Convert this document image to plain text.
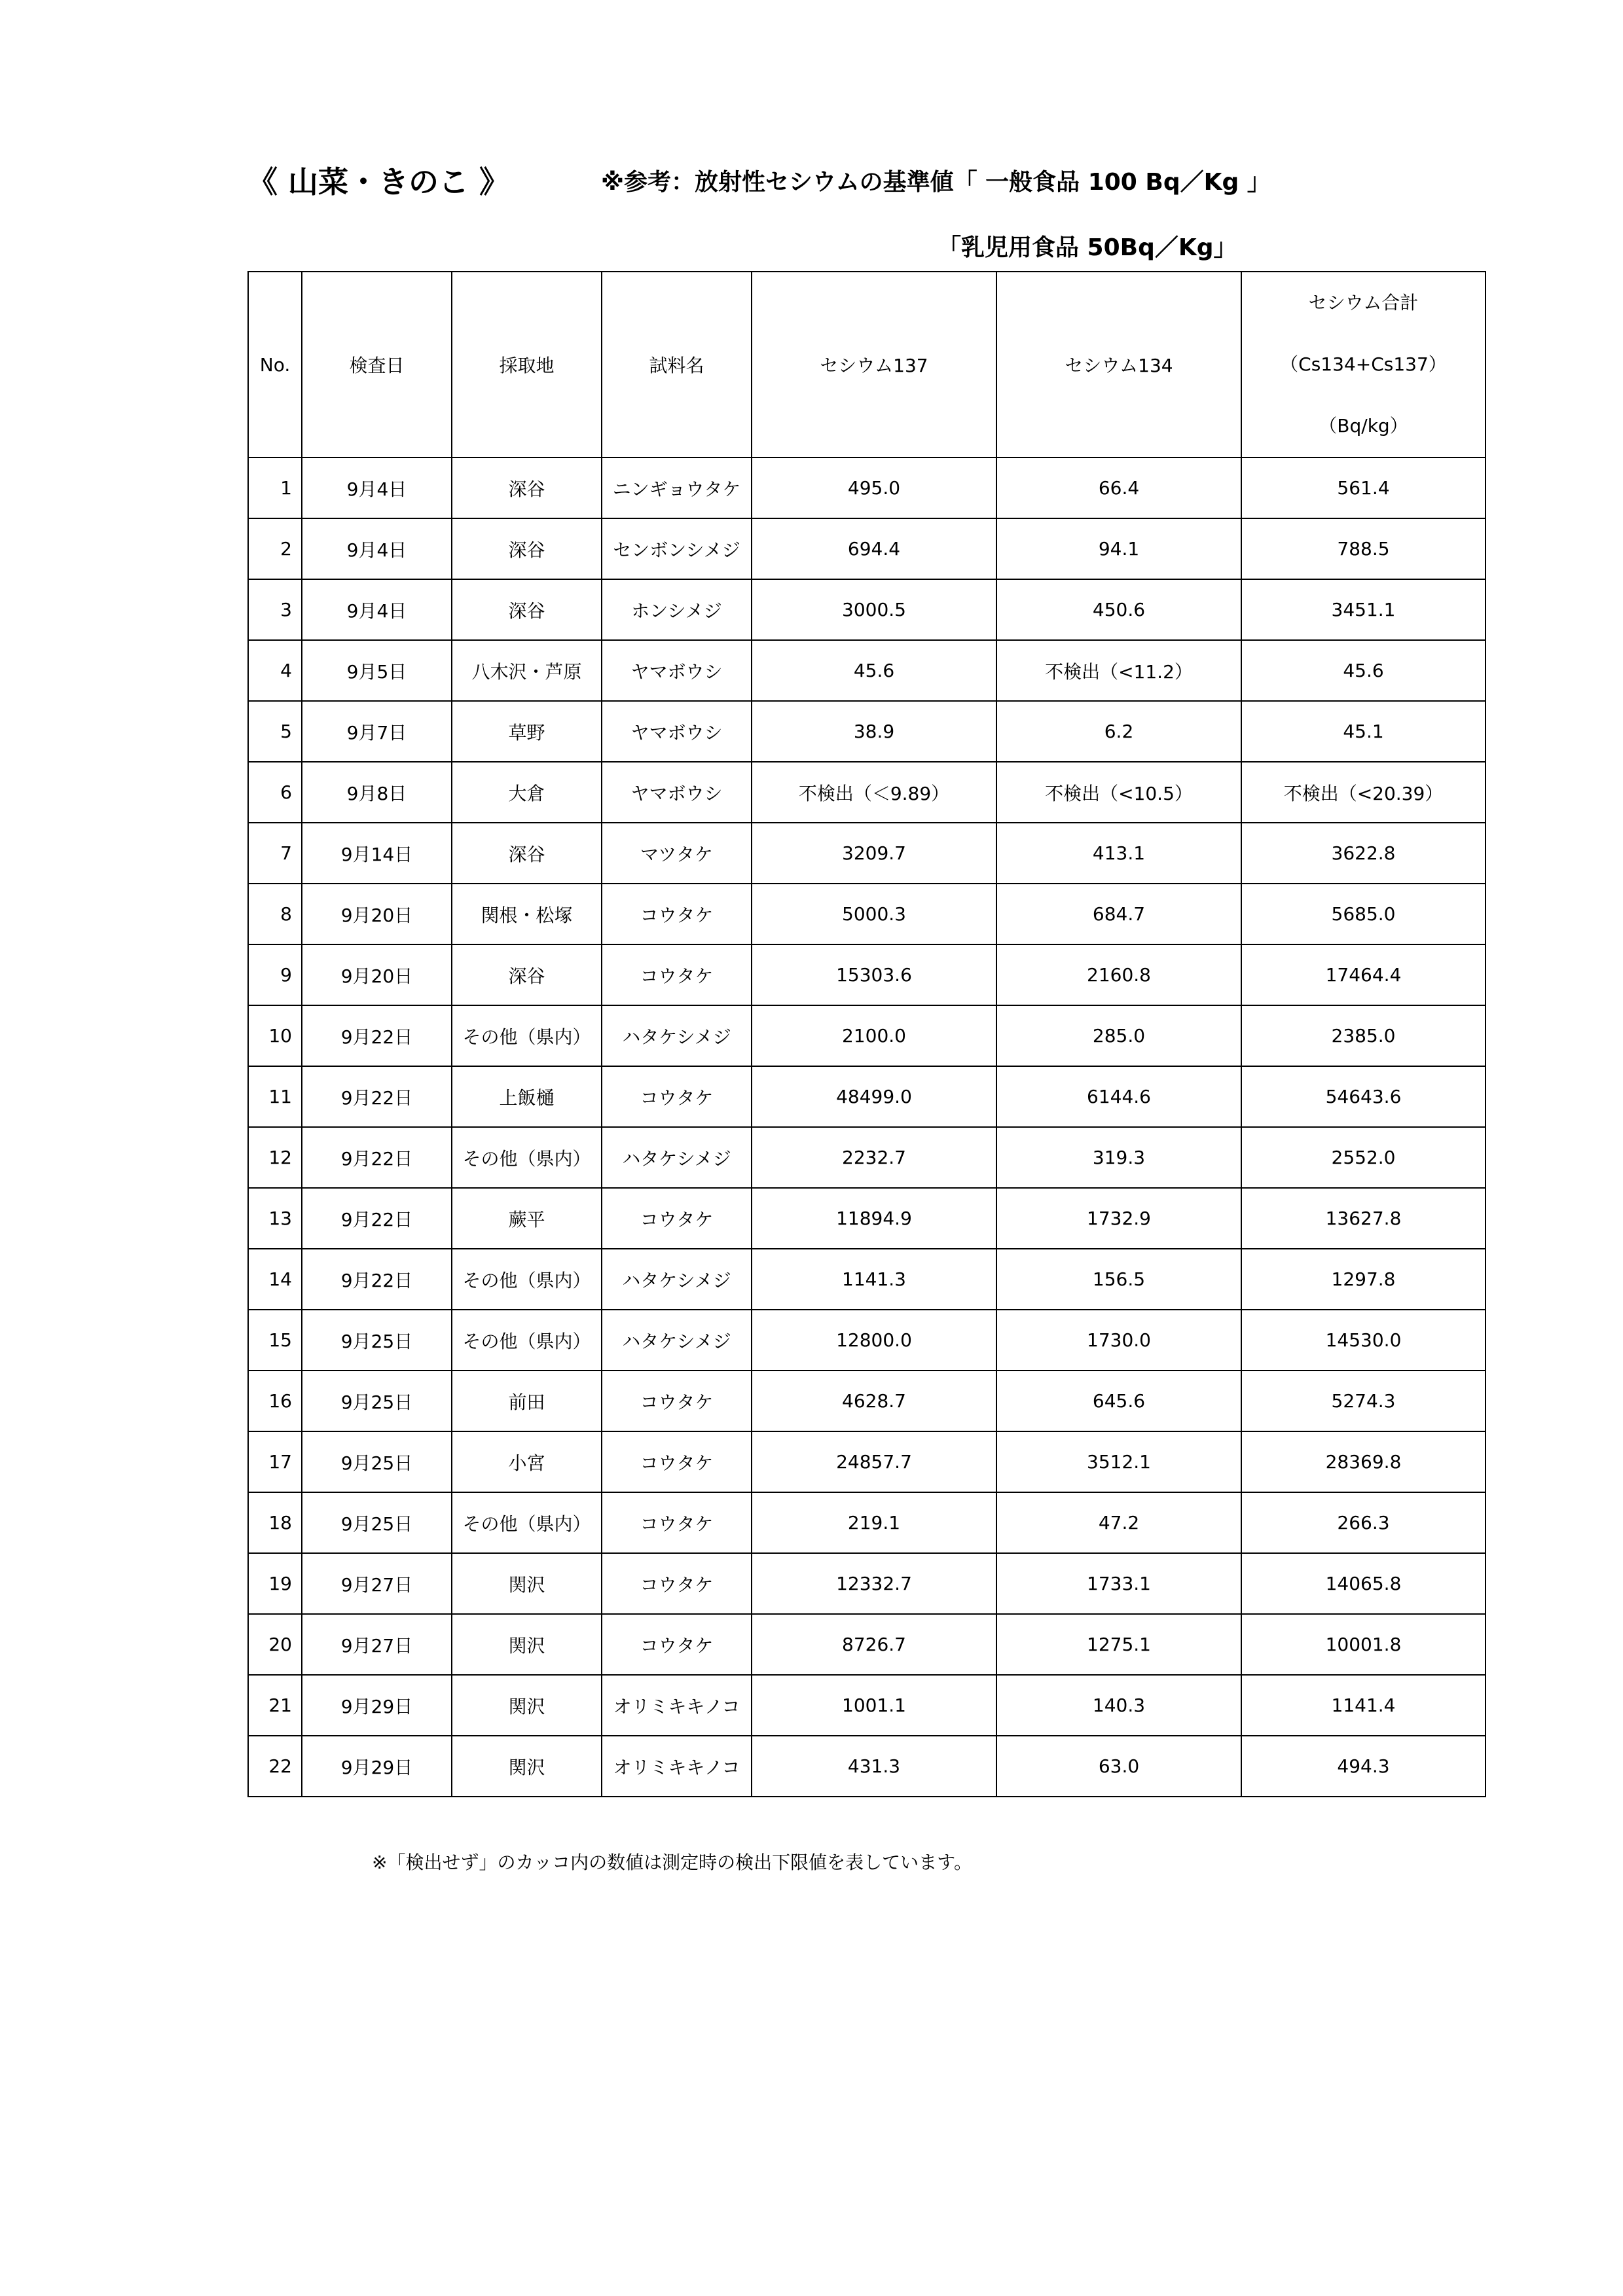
《 山菜・きのこ 》	※参考：放射性セシウムの基準値「 一般食品 100 Bq／Kg 」
「乳児用食品 50Bq／Kg」
No.	検査日	採取地	試料名	セシウム137	セシウム134	セシウム合計
（Cs134+Cs137）
（Bq/kg）

1	9月4日	深谷	ニンギョウタケ	495.0	66.4	561.4
2	9月4日	深谷	センボンシメジ	694.4	94.1	788.5
3	9月4日	深谷	ホンシメジ	3000.5	450.6	3451.1
4	9月5日	八木沢・芦原	ヤマボウシ	45.6	不検出（<11.2）	45.6
5	9月7日	草野	ヤマボウシ	38.9	6.2	45.1
6	9月8日	大倉	ヤマボウシ	不検出（＜9.89）	不検出（<10.5）	不検出（<20.39）
7	9月14日	深谷	マツタケ	3209.7	413.1	3622.8
8	9月20日	関根・松塚	コウタケ	5000.3	684.7	5685.0
9	9月20日	深谷	コウタケ	15303.6	2160.8	17464.4
10	9月22日	その他（県内）	ハタケシメジ	2100.0	285.0	2385.0
11	9月22日	上飯樋	コウタケ	48499.0	6144.6	54643.6
12	9月22日	その他（県内）	ハタケシメジ	2232.7	319.3	2552.0
13	9月22日	蕨平	コウタケ	11894.9	1732.9	13627.8
14	9月22日	その他（県内）	ハタケシメジ	1141.3	156.5	1297.8
15	9月25日	その他（県内）	ハタケシメジ	12800.0	1730.0	14530.0
16	9月25日	前田	コウタケ	4628.7	645.6	5274.3
17	9月25日	小宮	コウタケ	24857.7	3512.1	28369.8
18	9月25日	その他（県内）	コウタケ	219.1	47.2	266.3
19	9月27日	関沢	コウタケ	12332.7	1733.1	14065.8
20	9月27日	関沢	コウタケ	8726.7	1275.1	10001.8
21	9月29日	関沢	オリミキキノコ	1001.1	140.3	1141.4
22	9月29日	関沢	オリミキキノコ	431.3	63.0	494.3
※「検出せず」のカッコ内の数値は測定時の検出下限値を表しています。
